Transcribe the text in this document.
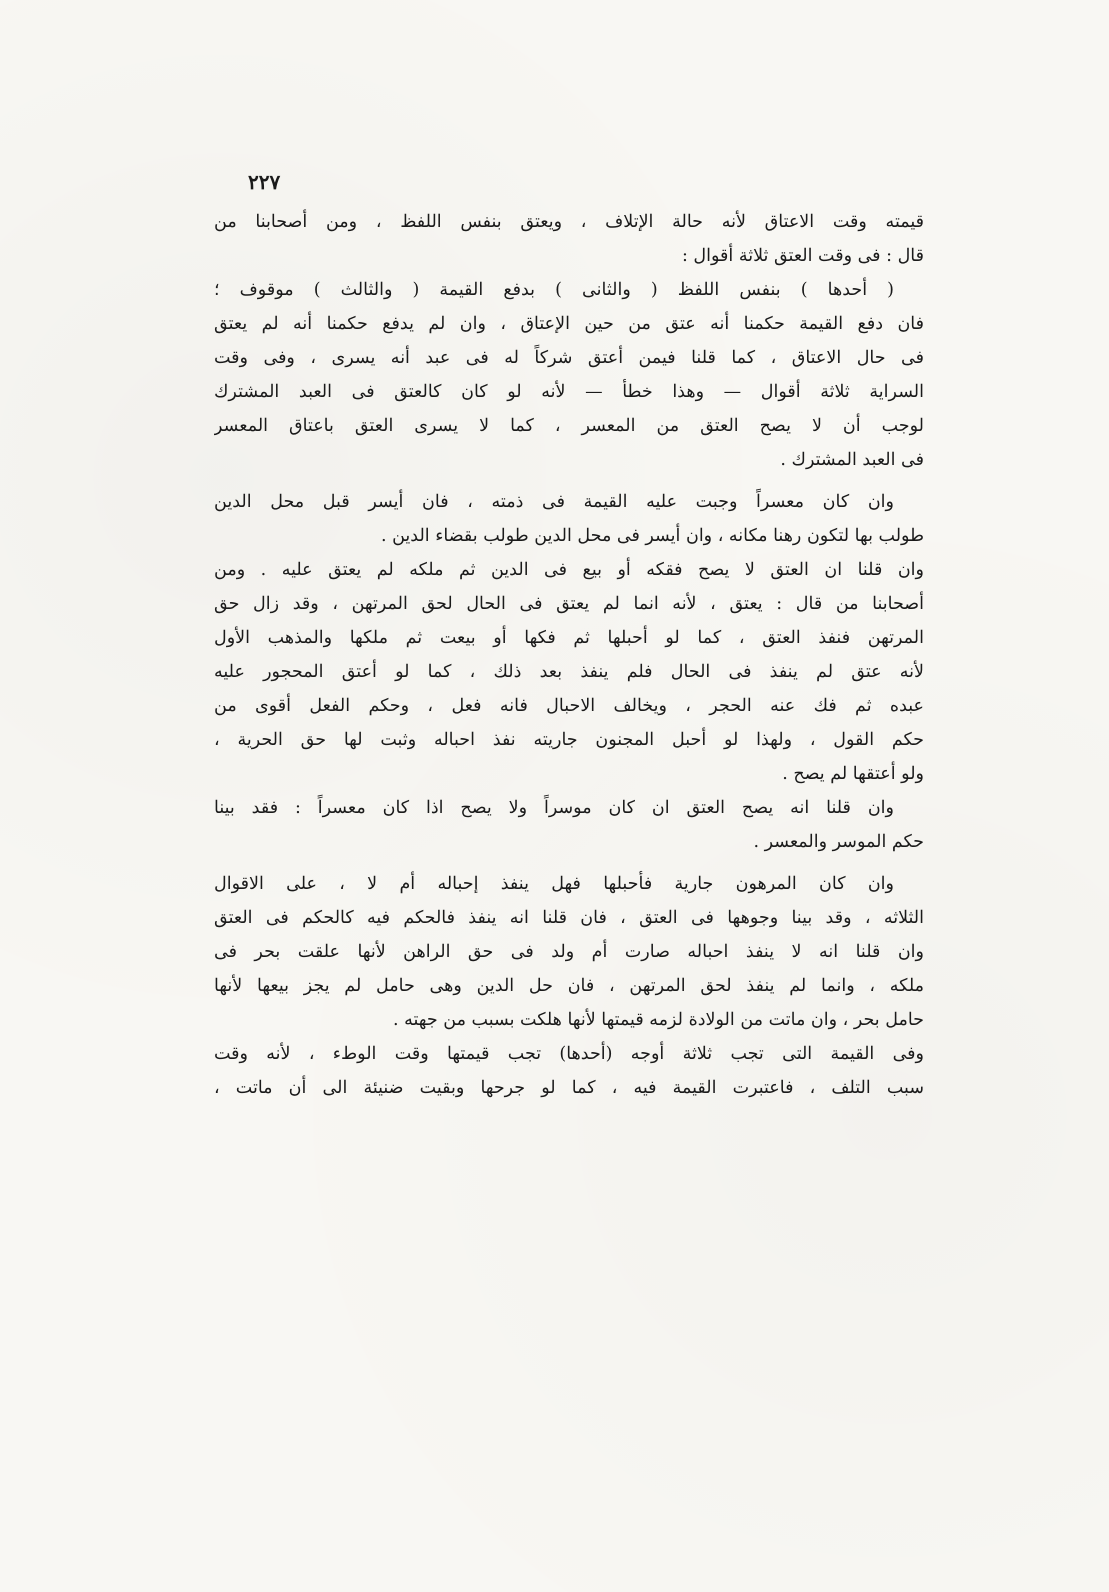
٢٢٧
قيمته وقت الاعتاق لأنه حالة الإتلاف ، ويعتق بنفس اللفظ ، ومن أصحابنا من
قال : فى وقت العتق ثلاثة أقوال :
( أحدها ) بنفس اللفظ ( والثانى ) بدفع القيمة ( والثالث ) موقوف ؛
فان دفع القيمة حكمنا أنه عتق من حين الإعتاق ، وان لم يدفع حكمنا أنه لم يعتق
فى حال الاعتاق ، كما قلنا فيمن أعتق شركاً له فى عبد أنه يسرى ، وفى وقت
السراية ثلاثة أقوال — وهذا خطأ — لأنه لو كان كالعتق فى العبد المشترك
لوجب أن لا يصح العتق من المعسر ، كما لا يسرى العتق باعتاق المعسر
فى العبد المشترك .
وان كان معسراً وجبت عليه القيمة فى ذمته ، فان أيسر قبل محل الدين
طولب بها لتكون رهنا مكانه ، وان أيسر فى محل الدين طولب بقضاء الدين .
وان قلنا ان العتق لا يصح فقكه أو بيع فى الدين ثم ملكه لم يعتق عليه . ومن
أصحابنا من قال : يعتق ، لأنه انما لم يعتق فى الحال لحق المرتهن ، وقد زال حق
المرتهن فنفذ العتق ، كما لو أحبلها ثم فكها أو بيعت ثم ملكها والمذهب الأول
لأنه عتق لم ينفذ فى الحال فلم ينفذ بعد ذلك ، كما لو أعتق المحجور عليه
عبده ثم فك عنه الحجر ، ويخالف الاحبال فانه فعل ، وحكم الفعل أقوى من
حكم القول ، ولهذا لو أحبل المجنون جاريته نفذ احباله وثبت لها حق الحرية ،
ولو أعتقها لم يصح .
وان قلنا انه يصح العتق ان كان موسراً ولا يصح اذا كان معسراً : فقد بينا
حكم الموسر والمعسر .
وان كان المرهون جارية فأحبلها فهل ينفذ إحباله أم لا ، على الاقوال
الثلاثه ، وقد بينا وجوهها فى العتق ، فان قلنا انه ينفذ فالحكم فيه كالحكم فى العتق
وان قلنا انه لا ينفذ احباله صارت أم ولد فى حق الراهن لأنها علقت بحر فى
ملكه ، وانما لم ينفذ لحق المرتهن ، فان حل الدين وهى حامل لم يجز بيعها لأنها
حامل بحر ، وان ماتت من الولادة لزمه قيمتها لأنها هلكت بسبب من جهته .
وفى القيمة التى تجب ثلاثة أوجه (أحدها) تجب قيمتها وقت الوطء ، لأنه وقت
سبب التلف ، فاعتبرت القيمة فيه ، كما لو جرحها وبقيت ضنيئة الى أن ماتت ،
